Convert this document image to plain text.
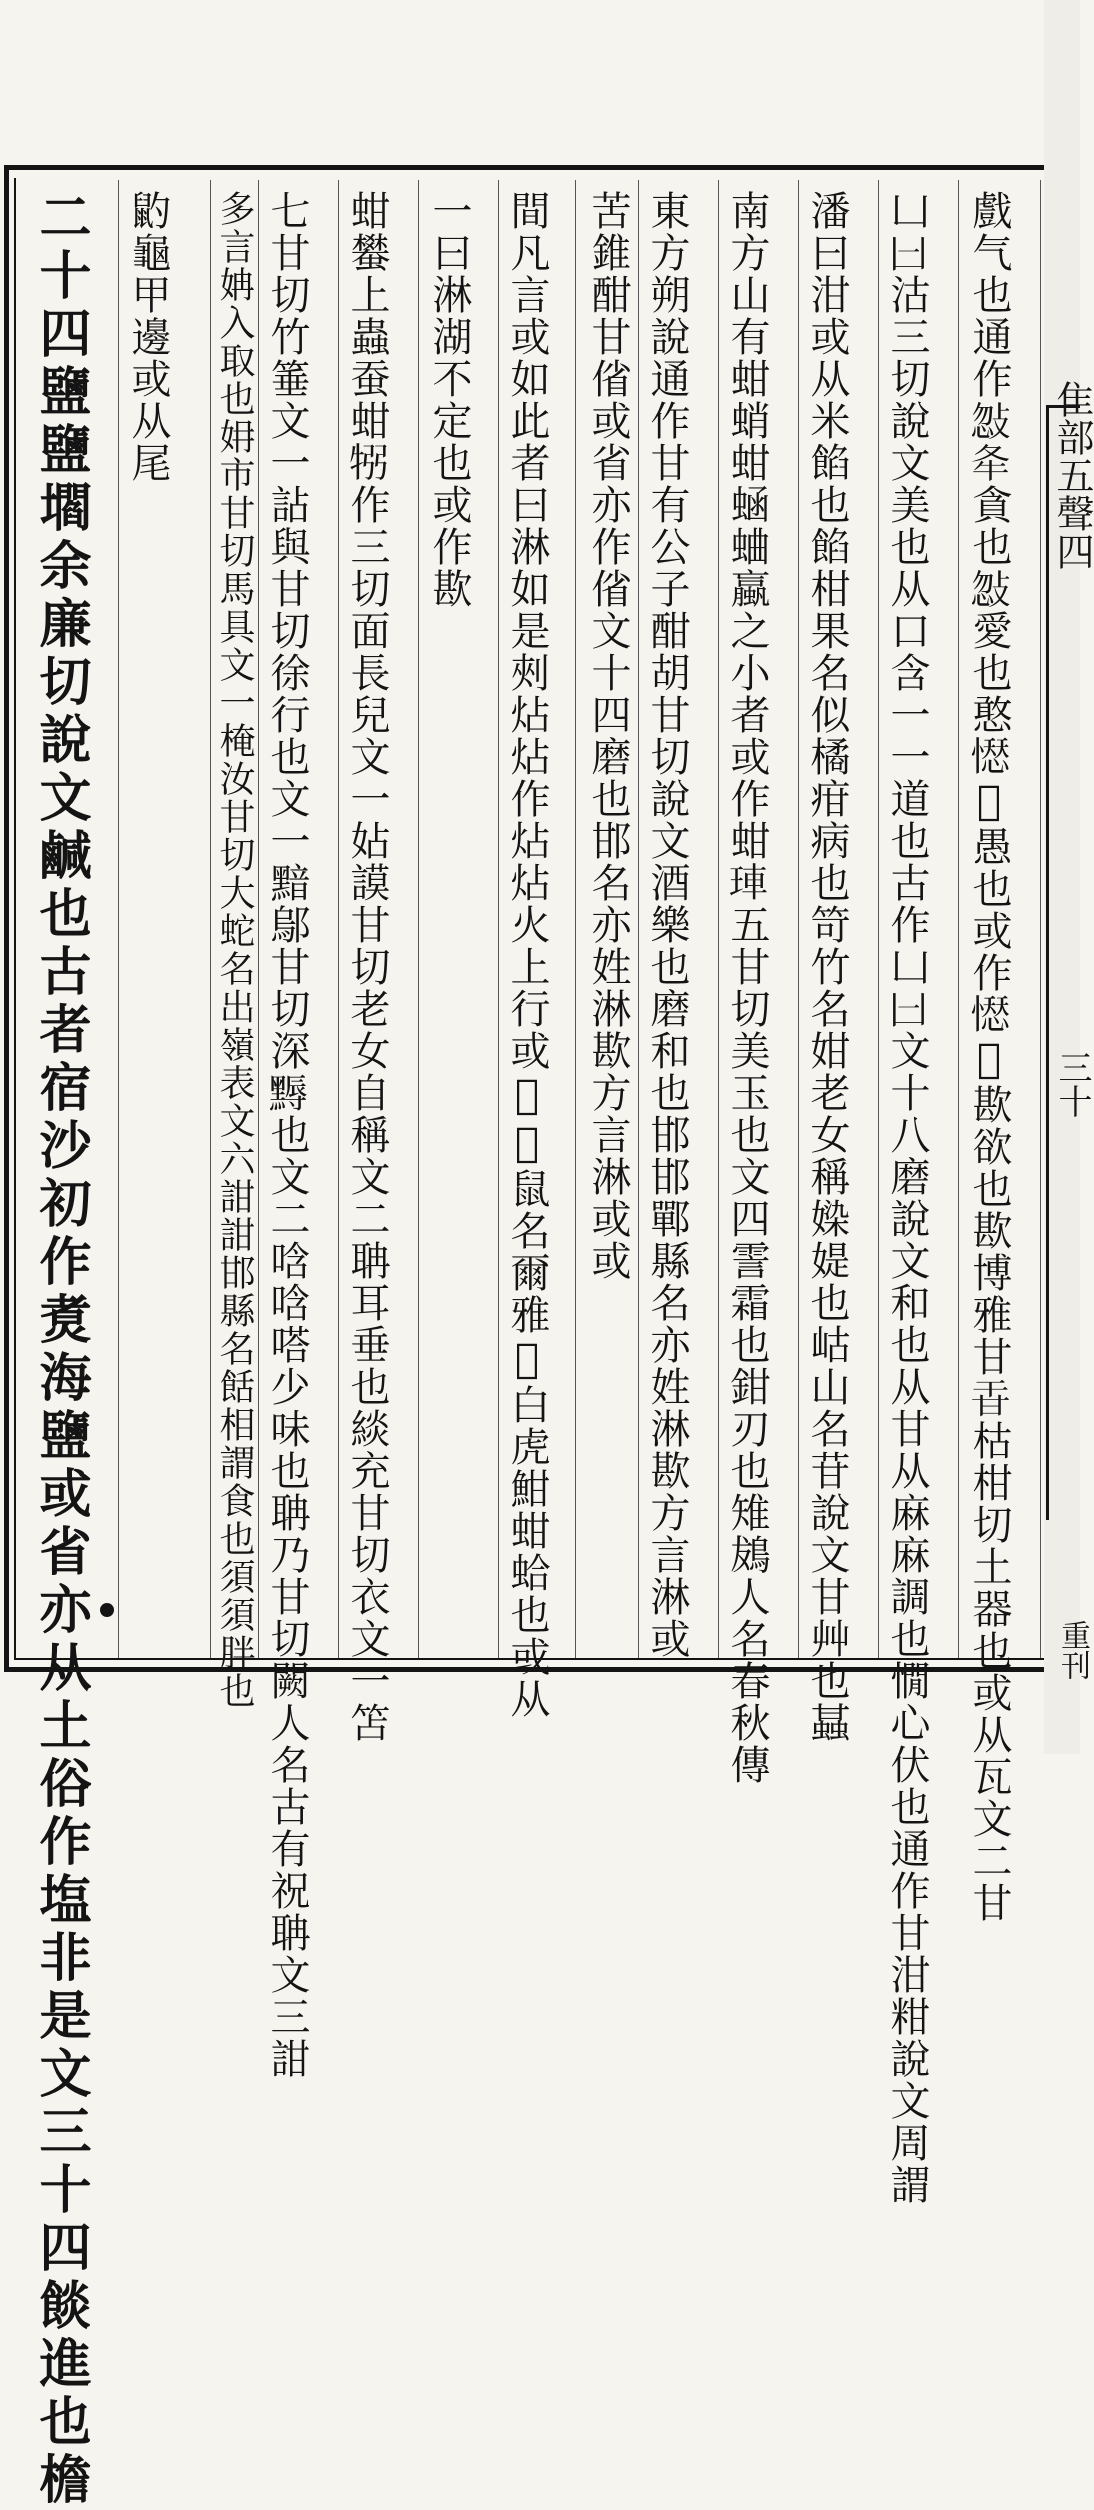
隹部五聲四
三十
重刊
戲气也通作𢽨𡕘貪也𢽨愛也憨𢡊𢼈愚也或作𢡊𢼈歁欲也歁博雅甘𤮻枯柑切土器也或从瓦文二甘
凵𠙵沽三切說文美也从口含一一道也古作凵𠙵文十八磨說文和也从甘从麻麻調也憪心伏也通作甘泔粓說文周謂
潘曰泔或从米餡也餡柑果名似橘疳病也笴竹名姏老女稱媣媞也岵山名苷說文甘艸也䗣
南方山有蚶蛸蚶蜬蛐蠃之小者或作蚶𤥭五甘切美玉也文四霅霜也鉗刃也雉䳊人名春秋傳
東方朔說通作甘有公子酣胡甘切說文酒樂也磨和也邯邯鄲縣名亦姓淋歁方言淋或
苦錐酣甘偗或省亦作偗文十四磨也邯名亦姓淋歁方言淋或或
間凡言或如此者曰淋如是㓨炶炶作炶炶火上行或𧇡𧇡鼠名爾雅𧇡白虎魽蚶蛤也或从
一曰淋湖不定也或作歁
蚶蠜上蟲蚕蚶𤙗作三切面長兒文一㚲謨甘切老女自稱文二聃耳垂也緂充甘切衣文一笘
七甘切竹箠文一詀與甘切徐行也文一黯鄔甘切深𪑾也文二唅唅嗒少味也聃乃甘切闕人名古有祝聃文三詌
多言姌入取也㚩市甘切馬具文一㭺汝甘切大蛇名出嶺表文六詌詌邯縣名餂相謂食也須須胖也
䶂龜甲邊或从尾
二十四鹽鹽壛余廉切說文鹹也古者宿沙初作煑海鹽或省亦从土俗作塩非是文三十四餤進也檐
